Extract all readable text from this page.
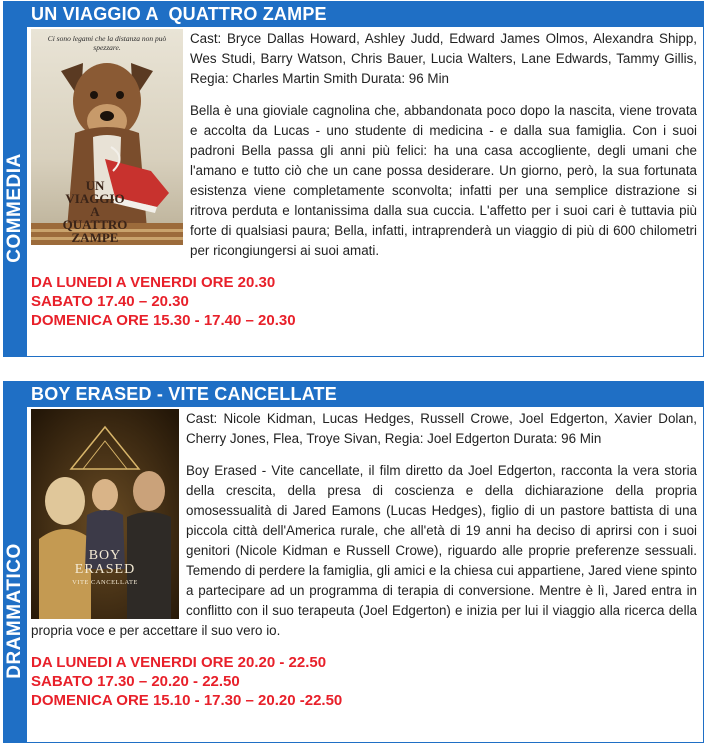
UN VIAGGIO A  QUATTRO ZAMPE
COMMEDIA
Ci sono legami che la distanza non può spezzare.
UN VIAGGIO A QUATTRO ZAMPE

Cast: Bryce Dallas Howard, Ashley Judd, Edward James Olmos, Alexandra Shipp, Wes Studi, Barry Watson, Chris Bauer, Lucia Walters, Lane Edwards, Tammy Gillis, Regia: Charles Martin Smith Durata: 96 Min

Bella è una gioviale cagnolina che, abbandonata poco dopo la nascita, viene trovata e accolta da Lucas - uno studente di medicina - e dalla sua famiglia. Con i suoi padroni Bella passa gli anni più felici: ha una casa accogliente, degli umani che l'amano e tutto ciò che un cane possa desiderare. Un giorno, però, la sua fortunata esistenza viene completamente sconvolta; infatti per una semplice distrazione si ritrova perduta e lontanissima dalla sua cuccia. L'affetto per i suoi cari è tuttavia più forte di qualsiasi paura; Bella, infatti, intraprenderà un viaggio di più di 600 chilometri per ricongiungersi ai suoi amati.

DA LUNEDI A VENERDI ORE 20.30
SABATO 17.40 – 20.30
DOMENICA ORE 15.30 - 17.40 – 20.30
BOY ERASED - VITE CANCELLATE
DRAMMATICO	BOY ERASED
VITE CANCELLATE

Cast: Nicole Kidman, Lucas Hedges, Russell Crowe, Joel Edgerton, Xavier Dolan, Cherry Jones, Flea, Troye Sivan, Regia: Joel Edgerton Durata: 96 Min

Boy Erased - Vite cancellate, il film diretto da Joel Edgerton, racconta la vera storia della crescita, della presa di coscienza e della dichiarazione della propria omosessualità di Jared Eamons (Lucas Hedges), figlio di un pastore battista di una piccola città dell'America rurale, che all'età di 19 anni ha deciso di aprirsi con i suoi genitori (Nicole Kidman e Russell Crowe), riguardo alle proprie preferenze sessuali. Temendo di perdere la famiglia, gli amici e la chiesa cui appartiene, Jared viene spinto a partecipare ad un programma di terapia di conversione. Mentre è lì, Jared entra in conflitto con il suo terapeuta (Joel Edgerton) e inizia per lui il viaggio alla ricerca della propria voce e per accettare il suo vero io.

DA LUNEDI A VENERDI ORE 20.20 - 22.50
SABATO 17.30 – 20.20 - 22.50
DOMENICA ORE 15.10 - 17.30 – 20.20 -22.50
